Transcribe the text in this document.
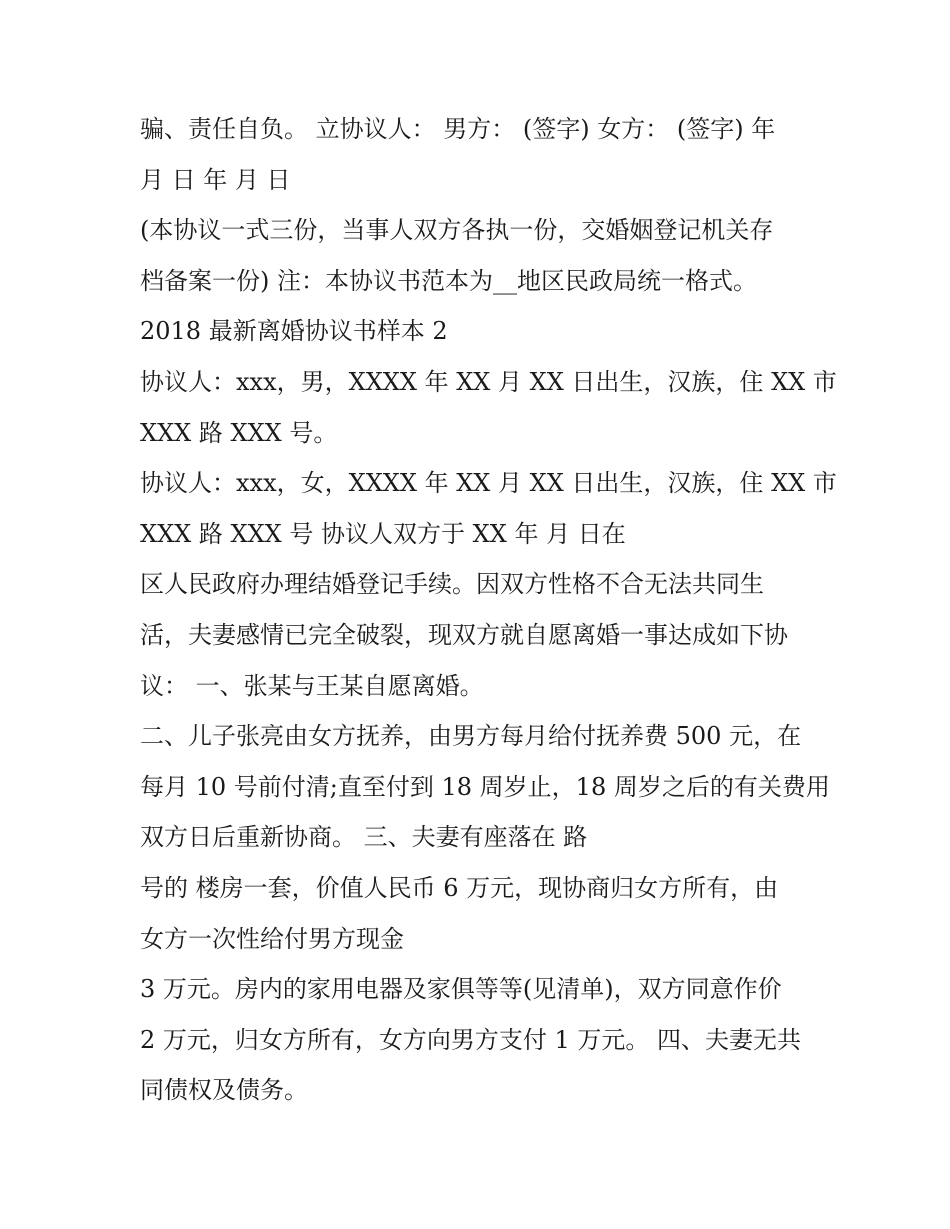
骗、责任自负。 立协议人： 男方： (签字) 女方： (签字) 年
月 日 年 月 日
(本协议一式三份，当事人双方各执一份，交婚姻登记机关存
档备案一份) 注：本协议书范本为__地区民政局统一格式。
2018 最新离婚协议书样本 2
协议人：xxx，男，XXXX 年 XX 月 XX 日出生，汉族，住 XX 市
XXX 路 XXX 号。
协议人：xxx，女，XXXX 年 XX 月 XX 日出生，汉族，住 XX 市
XXX 路 XXX 号 协议人双方于 XX 年 月 日在
区人民政府办理结婚登记手续。因双方性格不合无法共同生
活，夫妻感情已完全破裂，现双方就自愿离婚一事达成如下协
议： 一、张某与王某自愿离婚。
二、儿子张亮由女方抚养，由男方每月给付抚养费 500 元，在
每月 10 号前付清;直至付到 18 周岁止，18 周岁之后的有关费用
双方日后重新协商。 三、夫妻有座落在 路
号的 楼房一套，价值人民币 6 万元，现协商归女方所有，由
女方一次性给付男方现金
3 万元。房内的家用电器及家俱等等(见清单)，双方同意作价
2 万元，归女方所有，女方向男方支付 1 万元。 四、夫妻无共
同债权及债务。
